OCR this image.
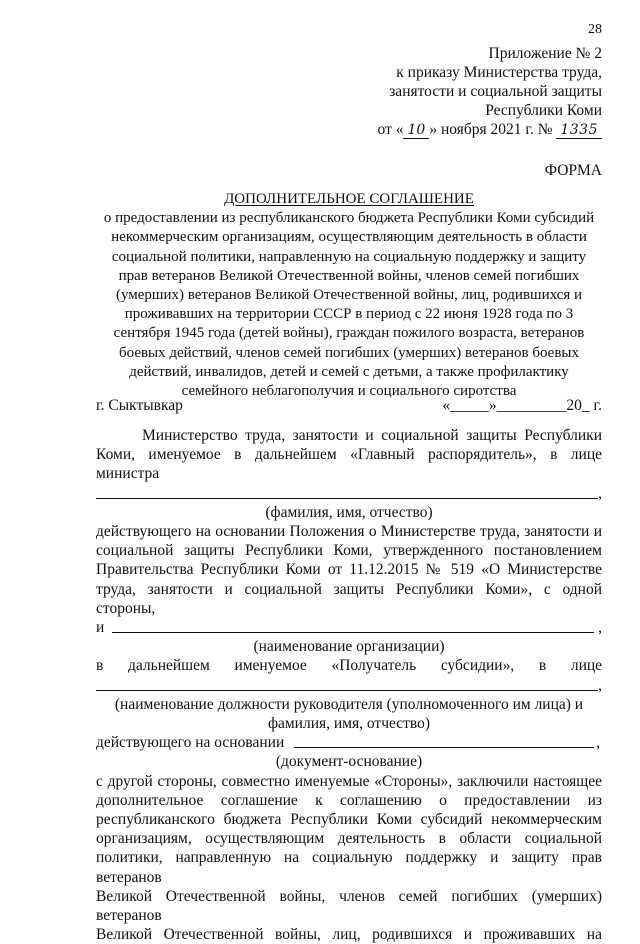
28
Приложение № 2
к приказу Министерства труда,
занятости и социальной защиты
Республики Коми
от « 10 » ноября 2021 г. № 1335
ФОРМА
ДОПОЛНИТЕЛЬНОЕ СОГЛАШЕНИЕ
о предоставлении из республиканского бюджета Республики Коми субсидий
некоммерческим организациям, осуществляющим деятельность в области
социальной политики, направленную на социальную поддержку и защиту
прав ветеранов Великой Отечественной войны, членов семей погибших
(умерших) ветеранов Великой Отечественной войны, лиц, родившихся и
проживавших на территории СССР в период с 22 июня 1928 года по 3
сентября 1945 года (детей войны), граждан пожилого возраста, ветеранов
боевых действий, членов семей погибших (умерших) ветеранов боевых
действий, инвалидов, детей и семей с детьми, а также профилактику
семейного неблагополучия и социального сиротства
г. Сыктывкар	«_____»_________20_ г.
Министерство труда, занятости и социальной защиты Республики
Коми, именуемое в дальнейшем «Главный распорядитель», в лице министра
,
(фамилия, имя, отчество)
действующего на основании Положения о Министерстве труда, занятости и
социальной защиты Республики Коми, утвержденного постановлением
Правительства Республики Коми от 11.12.2015 № 519 «О Министерстве
труда, занятости и социальной защиты Республики Коми», с одной стороны,
и	,
(наименование организации)
в дальнейшем именуемое «Получатель субсидии», в лице
,
(наименование должности руководителя (уполномоченного им лица) и
фамилия, имя, отчество)
действующего на основании	,
(документ-основание)
с другой стороны, совместно именуемые «Стороны», заключили настоящее
дополнительное соглашение к соглашению о предоставлении из
республиканского бюджета Республики Коми субсидий некоммерческим
организациям, осуществляющим деятельность в области социальной
политики, направленную на социальную поддержку и защиту прав ветеранов
Великой Отечественной войны, членов семей погибших (умерших) ветеранов
Великой Отечественной войны, лиц, родившихся и проживавших на
